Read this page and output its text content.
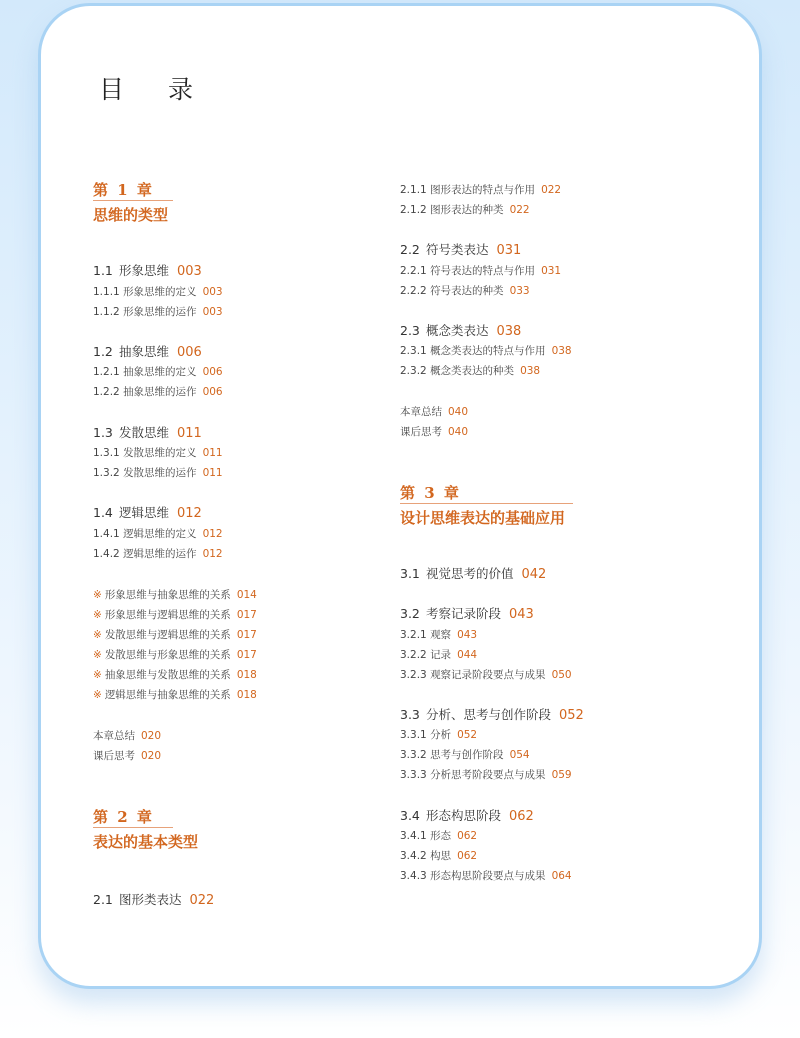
目 录
第 1 章
思维的类型
1.1 形象思维 003
1.1.1 形象思维的定义 003
1.1.2 形象思维的运作 003
1.2 抽象思维 006
1.2.1 抽象思维的定义 006
1.2.2 抽象思维的运作 006
1.3 发散思维 011
1.3.1 发散思维的定义 011
1.3.2 发散思维的运作 011
1.4 逻辑思维 012
1.4.1 逻辑思维的定义 012
1.4.2 逻辑思维的运作 012
※ 形象思维与抽象思维的关系 014
※ 形象思维与逻辑思维的关系 017
※ 发散思维与逻辑思维的关系 017
※ 发散思维与形象思维的关系 017
※ 抽象思维与发散思维的关系 018
※ 逻辑思维与抽象思维的关系 018
本章总结 020
课后思考 020
第 2 章
表达的基本类型
2.1 图形类表达 022
2.1.1 图形表达的特点与作用 022
2.1.2 图形表达的种类 022
2.2 符号类表达 031
2.2.1 符号表达的特点与作用 031
2.2.2 符号表达的种类 033
2.3 概念类表达 038
2.3.1 概念类表达的特点与作用 038
2.3.2 概念类表达的种类 038
本章总结 040
课后思考 040
第 3 章
设计思维表达的基础应用
3.1 视觉思考的价值 042
3.2 考察记录阶段 043
3.2.1 观察 043
3.2.2 记录 044
3.2.3 观察记录阶段要点与成果 050
3.3 分析、思考与创作阶段 052
3.3.1 分析 052
3.3.2 思考与创作阶段 054
3.3.3 分析思考阶段要点与成果 059
3.4 形态构思阶段 062
3.4.1 形态 062
3.4.2 构思 062
3.4.3 形态构思阶段要点与成果 064
